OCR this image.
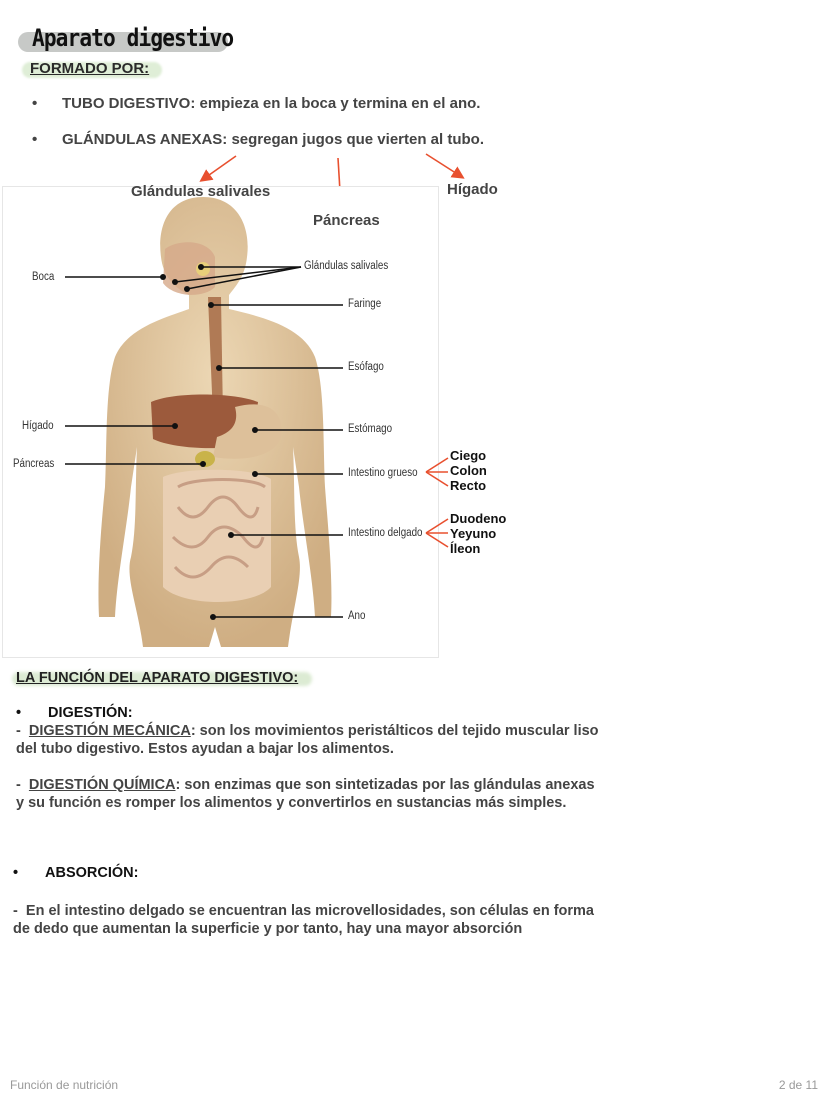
Aparato digestivo
FORMADO POR:
• TUBO DIGESTIVO: empieza en la boca y termina en el ano.
• GLÁNDULAS ANEXAS: segregan jugos que vierten al tubo.
Boca
Hígado
Páncreas
Glándulas salivales
Faringe
Esófago
Estómago
Intestino grueso
Intestino delgado
Ano
Glándulas salivales
Páncreas
Hígado
Ciego
Colon
Recto
Duodeno
Yeyuno
Íleon
LA FUNCIÓN DEL APARATO DIGESTIVO:
• DIGESTIÓN:
- DIGESTIÓN MECÁNICA: son los movimientos peristálticos del tejido muscular liso del tubo digestivo. Estos ayudan a bajar los alimentos.
- DIGESTIÓN QUÍMICA: son enzimas que son sintetizadas por las glándulas anexas y su función es romper los alimentos y convertirlos en sustancias más simples.
• ABSORCIÓN:
- En el intestino delgado se encuentran las microvellosidades, son células en forma de dedo que aumentan la superficie y por tanto, hay una mayor absorción
Función de nutrición	2 de 11
